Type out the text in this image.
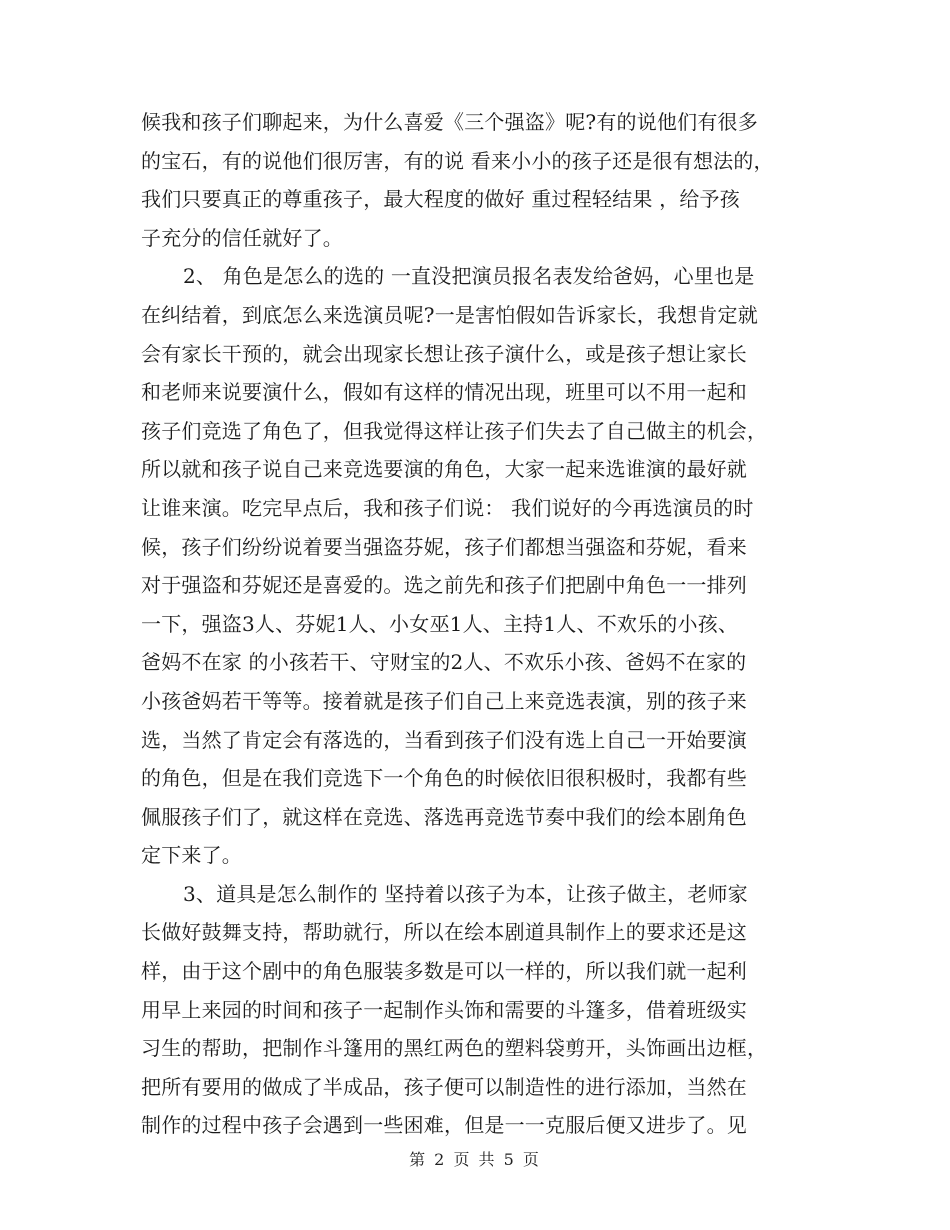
候我和孩子们聊起来，为什么喜爱《三个强盗》呢?有的说他们有很多
的宝石，有的说他们很厉害，有的说 看来小小的孩子还是很有想法的，
我们只要真正的尊重孩子，最大程度的做好 重过程轻结果 ，给予孩
子充分的信任就好了。
2、 角色是怎么的选的 一直没把演员报名表发给爸妈，心里也是
在纠结着，到底怎么来选演员呢?一是害怕假如告诉家长，我想肯定就
会有家长干预的，就会出现家长想让孩子演什么，或是孩子想让家长
和老师来说要演什么，假如有这样的情况出现，班里可以不用一起和
孩子们竞选了角色了，但我觉得这样让孩子们失去了自己做主的机会，
所以就和孩子说自己来竞选要演的角色，大家一起来选谁演的最好就
让谁来演。吃完早点后，我和孩子们说： 我们说好的今再选演员的时
候，孩子们纷纷说着要当强盗芬妮，孩子们都想当强盗和芬妮，看来
对于强盗和芬妮还是喜爱的。选之前先和孩子们把剧中角色一一排列
一下，强盗3人、芬妮1人、小女巫1人、主持1人、不欢乐的小孩、
爸妈不在家 的小孩若干、守财宝的2人、不欢乐小孩、爸妈不在家的
小孩爸妈若干等等。接着就是孩子们自己上来竞选表演，别的孩子来
选，当然了肯定会有落选的，当看到孩子们没有选上自己一开始要演
的角色，但是在我们竞选下一个角色的时候依旧很积极时，我都有些
佩服孩子们了，就这样在竞选、落选再竞选节奏中我们的绘本剧角色
定下来了。
3、道具是怎么制作的 坚持着以孩子为本，让孩子做主，老师家
长做好鼓舞支持，帮助就行，所以在绘本剧道具制作上的要求还是这
样，由于这个剧中的角色服装多数是可以一样的，所以我们就一起利
用早上来园的时间和孩子一起制作头饰和需要的斗篷多，借着班级实
习生的帮助，把制作斗篷用的黑红两色的塑料袋剪开，头饰画出边框，
把所有要用的做成了半成品，孩子便可以制造性的进行添加，当然在
制作的过程中孩子会遇到一些困难，但是一一克服后便又进步了。见
第 2 页 共 5 页
